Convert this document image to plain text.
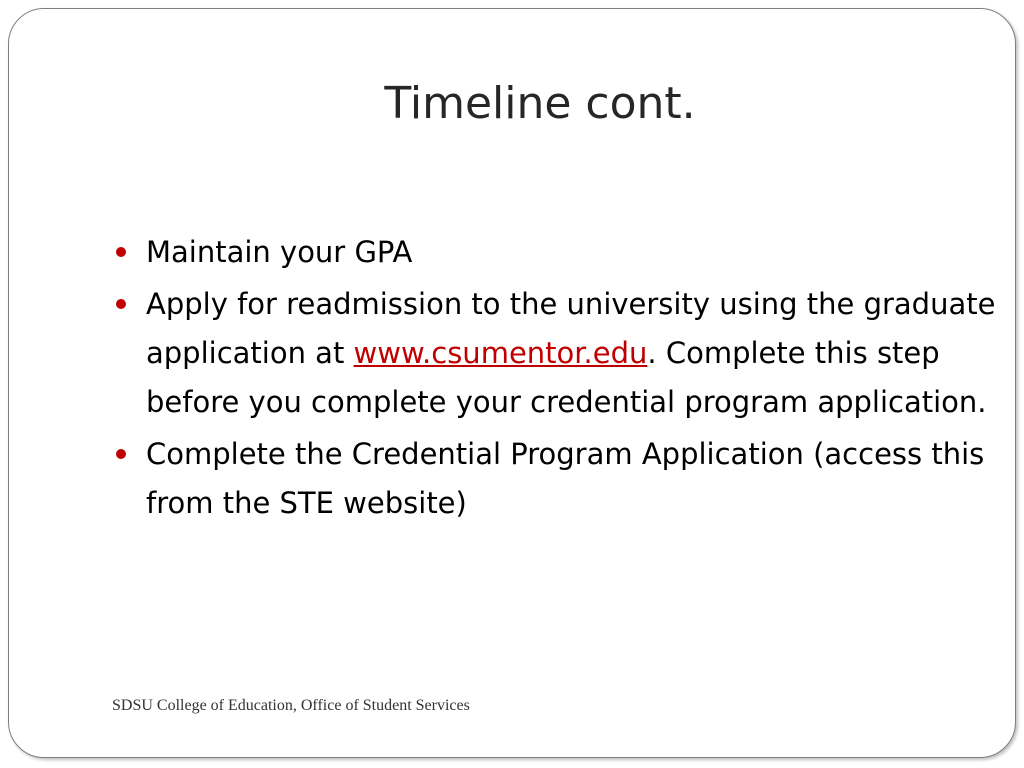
Timeline cont.
Maintain your GPA
Apply for readmission to the university using the graduate application at www.csumentor.edu. Complete this step before you complete your credential program application.
Complete the Credential Program Application (access this from the STE website)
SDSU College of Education, Office of Student Services
